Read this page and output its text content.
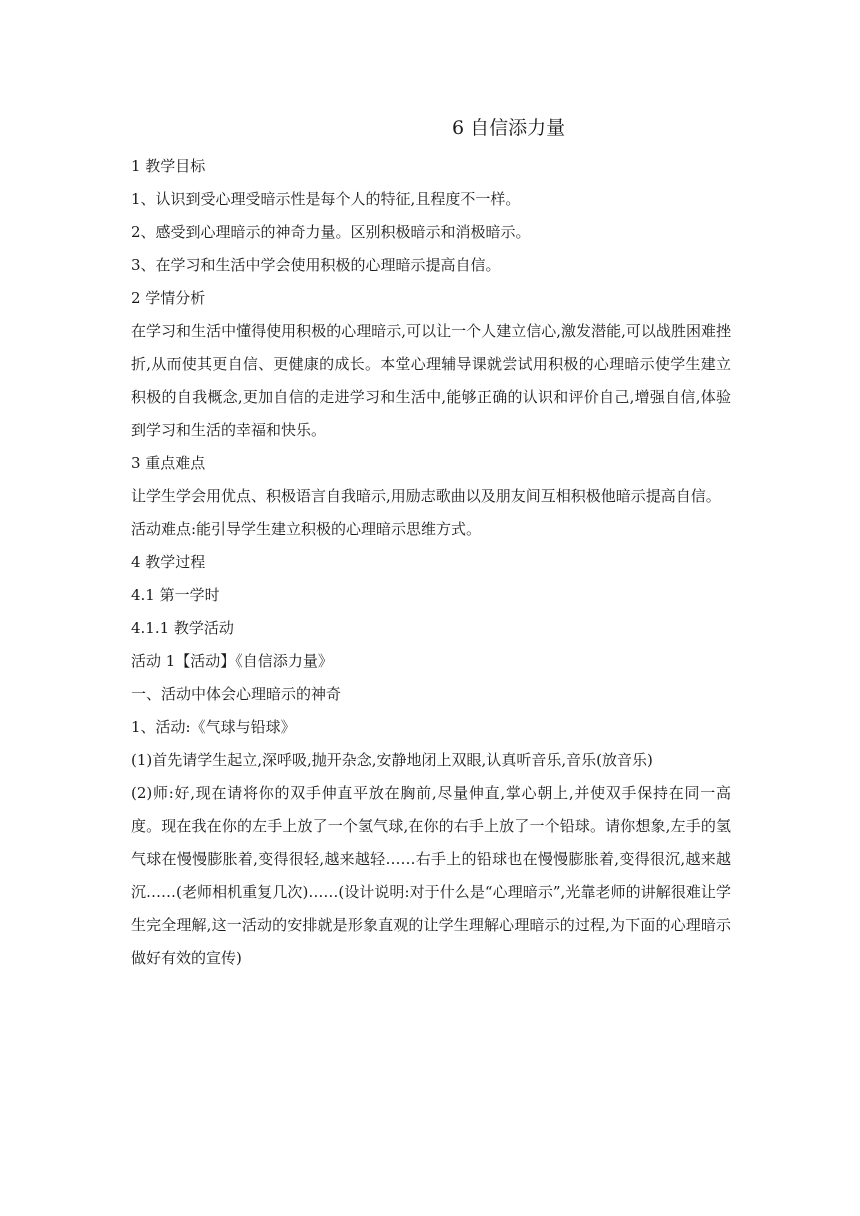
6 自信添力量

1 教学目标

1、认识到受心理受暗示性是每个人的特征,且程度不一样。

2、感受到心理暗示的神奇力量。区别积极暗示和消极暗示。

3、在学习和生活中学会使用积极的心理暗示提高自信。

2 学情分析

在学习和生活中懂得使用积极的心理暗示,可以让一个人建立信心,激发潜能,可以战胜困难挫折,从而使其更自信、更健康的成长。本堂心理辅导课就尝试用积极的心理暗示使学生建立积极的自我概念,更加自信的走进学习和生活中,能够正确的认识和评价自己,增强自信,体验到学习和生活的幸福和快乐。

3 重点难点

让学生学会用优点、积极语言自我暗示,用励志歌曲以及朋友间互相积极他暗示提高自信。

活动难点:能引导学生建立积极的心理暗示思维方式。

4 教学过程

4.1 第一学时

4.1.1 教学活动

活动 1【活动】《自信添力量》

一、活动中体会心理暗示的神奇

1、活动:《气球与铅球》

(1)首先请学生起立,深呼吸,抛开杂念,安静地闭上双眼,认真听音乐,音乐(放音乐)

(2)师:好,现在请将你的双手伸直平放在胸前,尽量伸直,掌心朝上,并使双手保持在同一高度。现在我在你的左手上放了一个氢气球,在你的右手上放了一个铅球。请你想象,左手的氢气球在慢慢膨胀着,变得很轻,越来越轻……右手上的铅球也在慢慢膨胀着,变得很沉,越来越沉……(老师相机重复几次)……(设计说明:对于什么是“心理暗示”,光靠老师的讲解很难让学生完全理解,这一活动的安排就是形象直观的让学生理解心理暗示的过程,为下面的心理暗示做好有效的宣传)
